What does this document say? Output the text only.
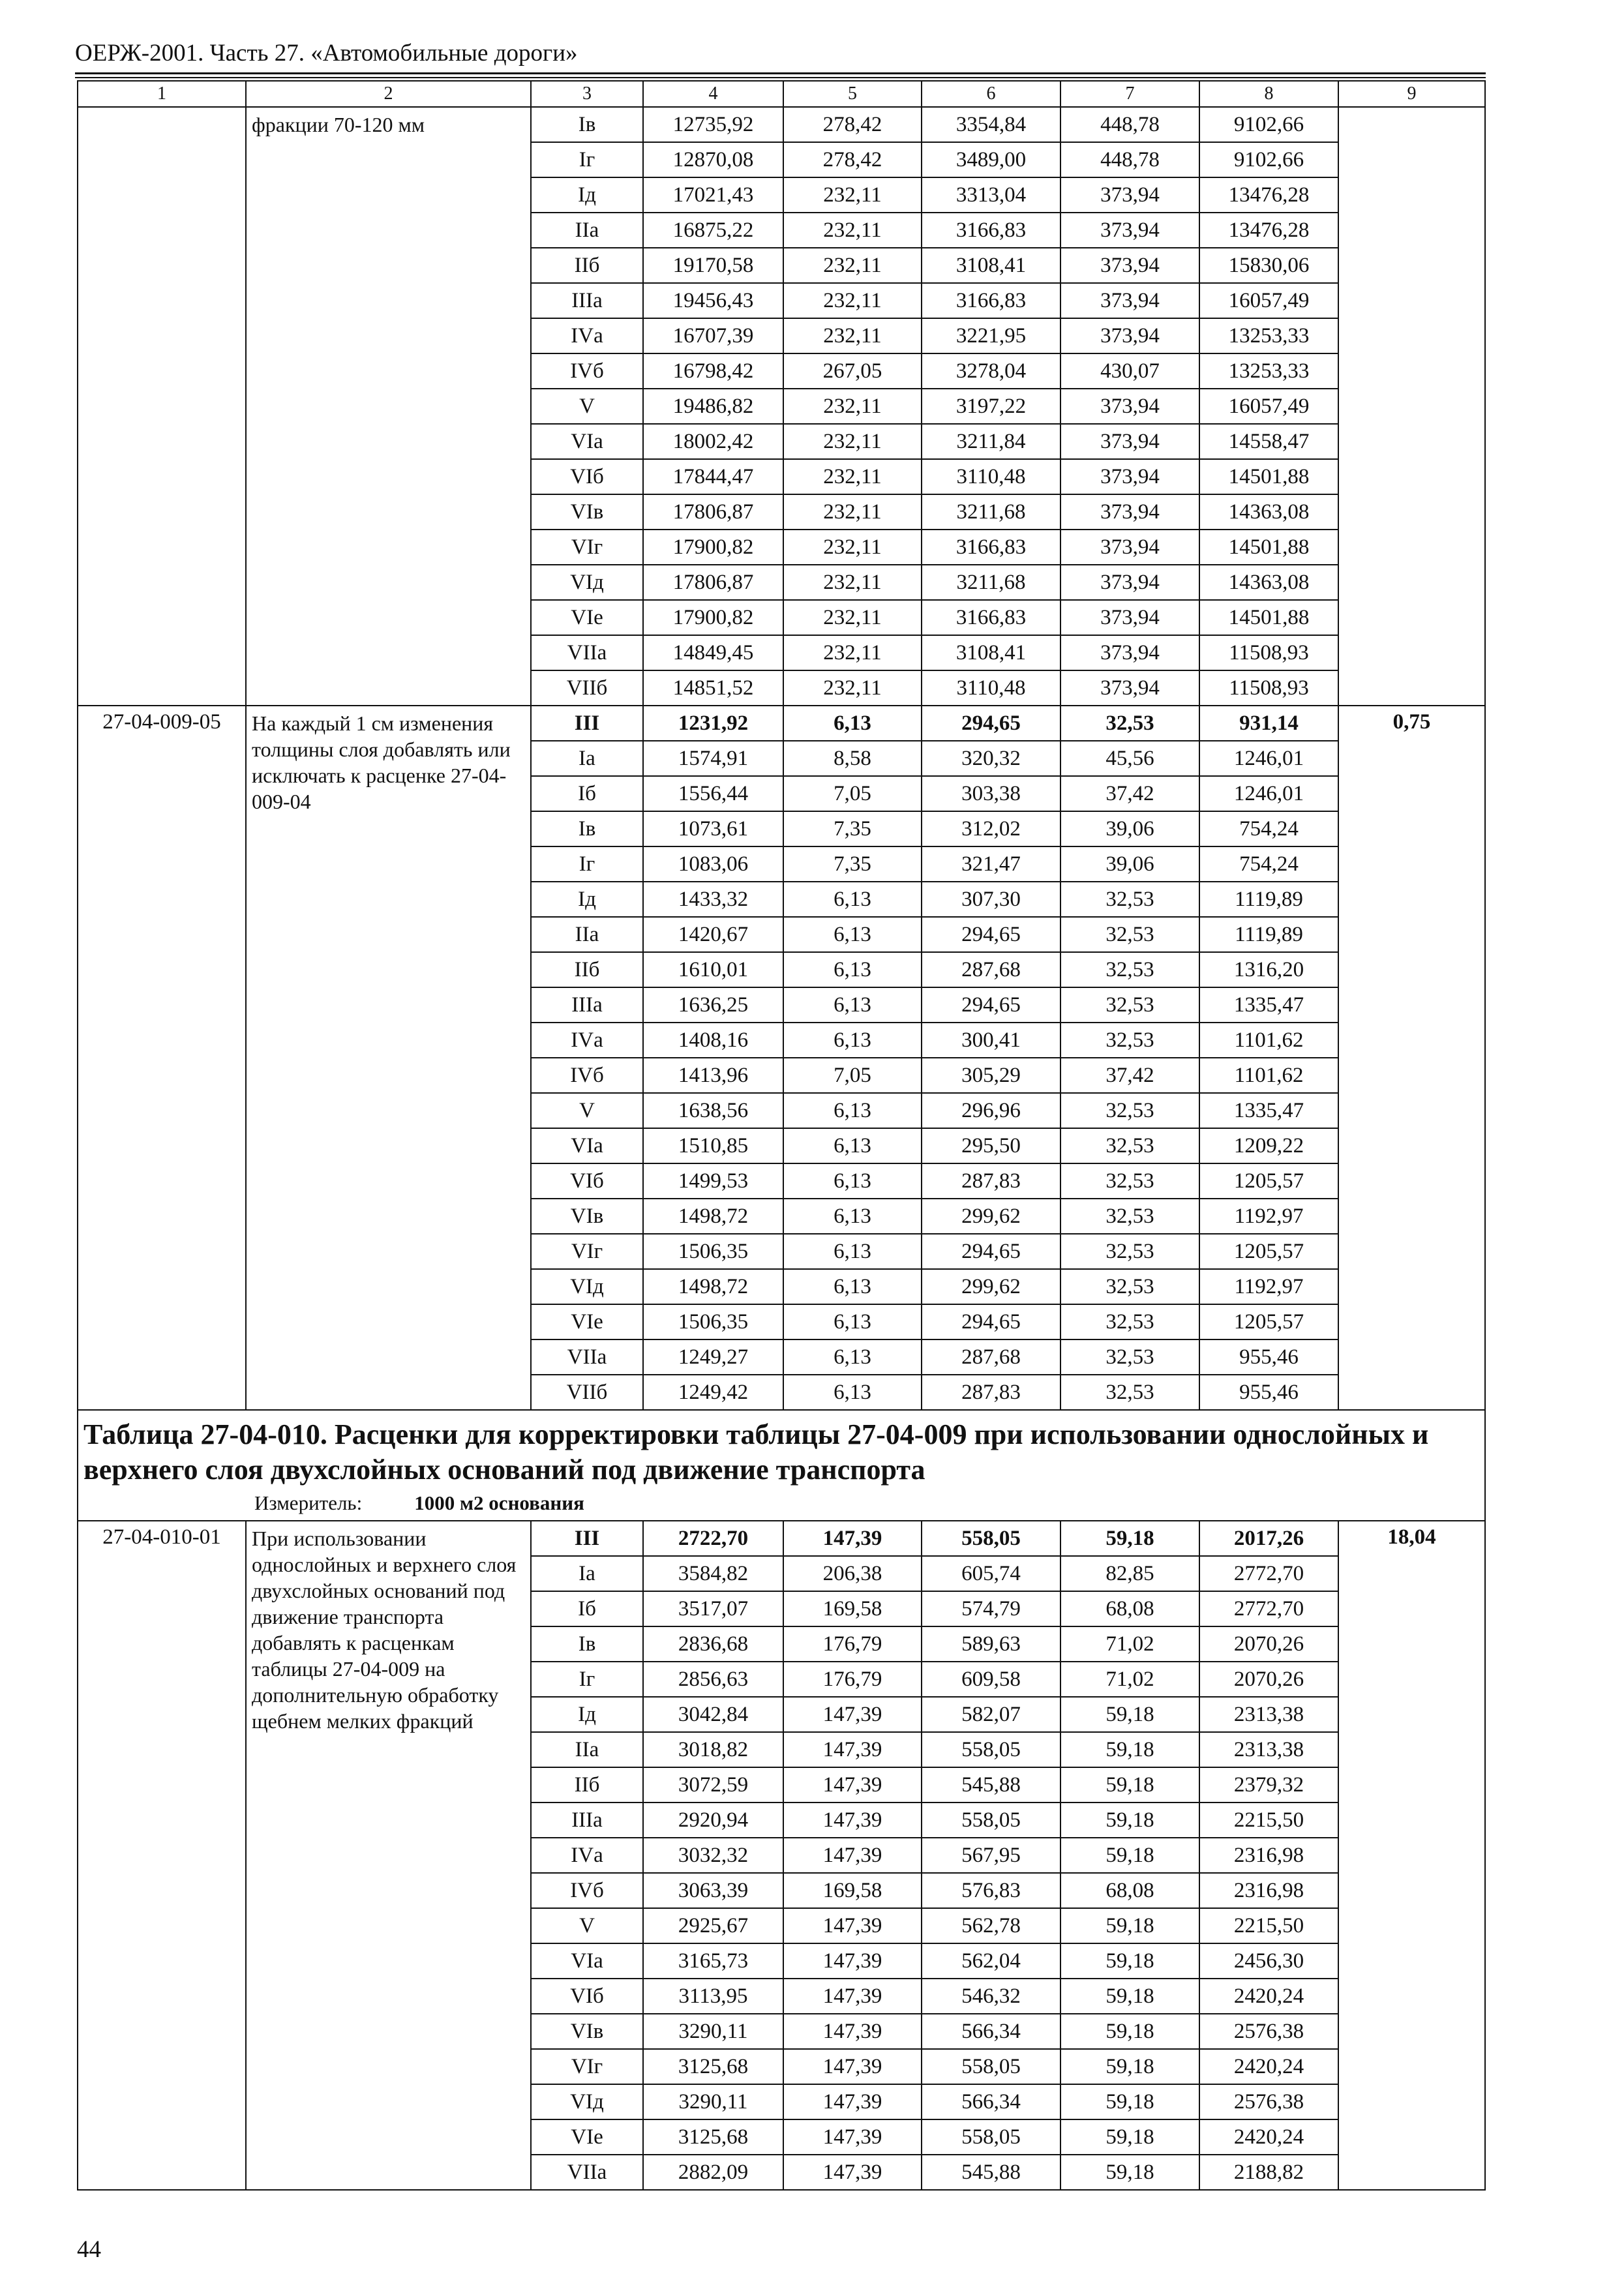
ОЕРЖ-2001. Часть 27. «Автомобильные дороги»
1	2	3	4	5	6	7	8	9
	фракции 70-120 мм	Iв	12735,92	278,42	3354,84	448,78	9102,66	
		Iг	12870,08	278,42	3489,00	448,78	9102,66	
		Iд	17021,43	232,11	3313,04	373,94	13476,28	
		IIа	16875,22	232,11	3166,83	373,94	13476,28	
		IIб	19170,58	232,11	3108,41	373,94	15830,06	
		IIIа	19456,43	232,11	3166,83	373,94	16057,49	
		IVа	16707,39	232,11	3221,95	373,94	13253,33	
		IVб	16798,42	267,05	3278,04	430,07	13253,33	
		V	19486,82	232,11	3197,22	373,94	16057,49	
		VIа	18002,42	232,11	3211,84	373,94	14558,47	
		VIб	17844,47	232,11	3110,48	373,94	14501,88	
		VIв	17806,87	232,11	3211,68	373,94	14363,08	
		VIг	17900,82	232,11	3166,83	373,94	14501,88	
		VIд	17806,87	232,11	3211,68	373,94	14363,08	
		VIе	17900,82	232,11	3166,83	373,94	14501,88	
		VIIа	14849,45	232,11	3108,41	373,94	11508,93	
		VIIб	14851,52	232,11	3110,48	373,94	11508,93	
27-04-009-05	На каждый 1 см изменения толщины слоя добавлять или исключать к расценке 27-04-009-04	III	1231,92	6,13	294,65	32,53	931,14	0,75
		Iа	1574,91	8,58	320,32	45,56	1246,01	
		Iб	1556,44	7,05	303,38	37,42	1246,01	
		Iв	1073,61	7,35	312,02	39,06	754,24	
		Iг	1083,06	7,35	321,47	39,06	754,24	
		Iд	1433,32	6,13	307,30	32,53	1119,89	
		IIа	1420,67	6,13	294,65	32,53	1119,89	
		IIб	1610,01	6,13	287,68	32,53	1316,20	
		IIIа	1636,25	6,13	294,65	32,53	1335,47	
		IVа	1408,16	6,13	300,41	32,53	1101,62	
		IVб	1413,96	7,05	305,29	37,42	1101,62	
		V	1638,56	6,13	296,96	32,53	1335,47	
		VIа	1510,85	6,13	295,50	32,53	1209,22	
		VIб	1499,53	6,13	287,83	32,53	1205,57	
		VIв	1498,72	6,13	299,62	32,53	1192,97	
		VIг	1506,35	6,13	294,65	32,53	1205,57	
		VIд	1498,72	6,13	299,62	32,53	1192,97	
		VIе	1506,35	6,13	294,65	32,53	1205,57	
		VIIа	1249,27	6,13	287,68	32,53	955,46	
		VIIб	1249,42	6,13	287,83	32,53	955,46	

Таблица 27-04-010. Расценки для корректировки таблицы 27-04-009 при использовании однослойных и верхнего слоя двухслойных оснований под движение транспорта
Измеритель: 1000 м2 основания								

27-04-010-01	При использовании однослойных и верхнего слоя двухслойных оснований под движение транспорта добавлять к расценкам таблицы 27-04-009 на дополнительную обработку щебнем мелких фракций	III	2722,70	147,39	558,05	59,18	2017,26	18,04
		Iа	3584,82	206,38	605,74	82,85	2772,70	
		Iб	3517,07	169,58	574,79	68,08	2772,70	
		Iв	2836,68	176,79	589,63	71,02	2070,26	
		Iг	2856,63	176,79	609,58	71,02	2070,26	
		Iд	3042,84	147,39	582,07	59,18	2313,38	
		IIа	3018,82	147,39	558,05	59,18	2313,38	
		IIб	3072,59	147,39	545,88	59,18	2379,32	
		IIIа	2920,94	147,39	558,05	59,18	2215,50	
		IVа	3032,32	147,39	567,95	59,18	2316,98	
		IVб	3063,39	169,58	576,83	68,08	2316,98	
		V	2925,67	147,39	562,78	59,18	2215,50	
		VIа	3165,73	147,39	562,04	59,18	2456,30	
		VIб	3113,95	147,39	546,32	59,18	2420,24	
		VIв	3290,11	147,39	566,34	59,18	2576,38	
		VIг	3125,68	147,39	558,05	59,18	2420,24	
		VIд	3290,11	147,39	566,34	59,18	2576,38	
		VIе	3125,68	147,39	558,05	59,18	2420,24	
		VIIа	2882,09	147,39	545,88	59,18	2188,82	
44
